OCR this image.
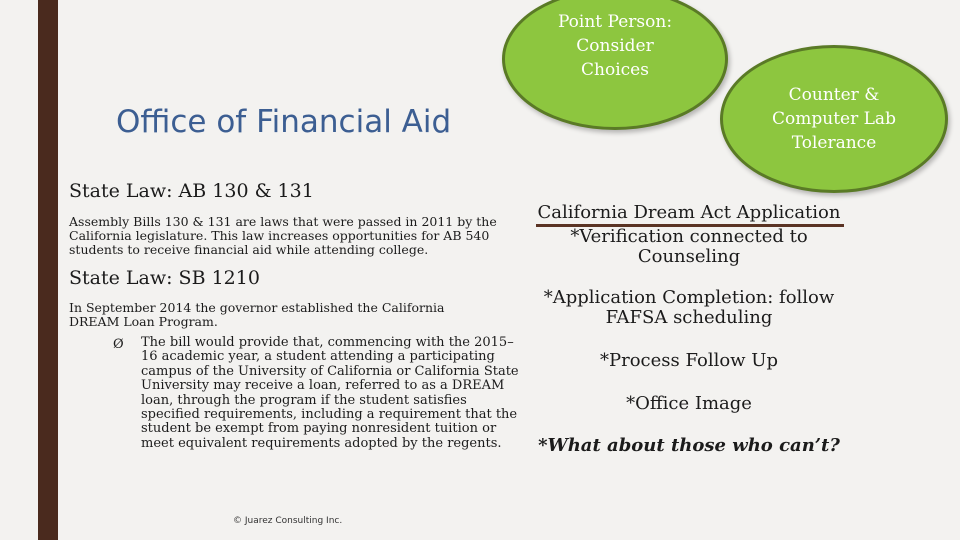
Office of Financial Aid
Point Person:
Consider
Choices
Counter &
Computer Lab
Tolerance
State Law: AB 130 & 131
Assembly Bills 130 & 131 are laws that were passed in 2011 by the California legislature. This law increases opportunities for AB 540 students to receive financial aid while attending college.
State Law: SB 1210
In September 2014 the governor established the California DREAM Loan Program.
Ø The bill would provide that, commencing with the 2015–16 academic year, a student attending a participating campus of the University of California or California State University may receive a loan, referred to as a DREAM loan, through the program if the student satisfies specified requirements, including a requirement that the student be exempt from paying nonresident tuition or meet equivalent requirements adopted by the regents.
© Juarez Consulting Inc.
California Dream Act Application
*Verification connected to Counseling
*Application Completion: follow FAFSA scheduling
*Process Follow Up
*Office Image
*What about those who can’t?
